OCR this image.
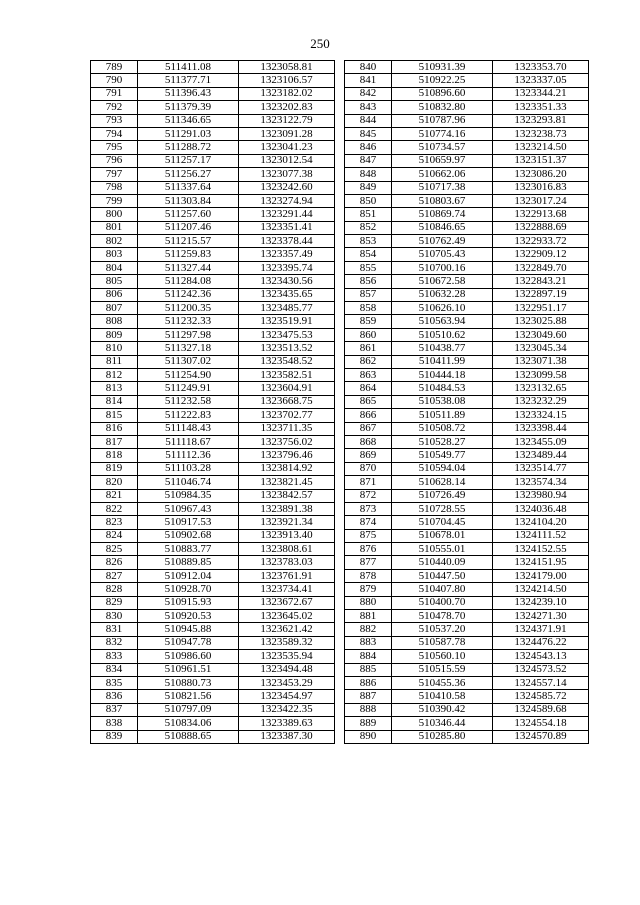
250
789	511411.08	1323058.81
790	511377.71	1323106.57
791	511396.43	1323182.02
792	511379.39	1323202.83
793	511346.65	1323122.79
794	511291.03	1323091.28
795	511288.72	1323041.23
796	511257.17	1323012.54
797	511256.27	1323077.38
798	511337.64	1323242.60
799	511303.84	1323274.94
800	511257.60	1323291.44
801	511207.46	1323351.41
802	511215.57	1323378.44
803	511259.83	1323357.49
804	511327.44	1323395.74
805	511284.08	1323430.56
806	511242.36	1323435.65
807	511200.35	1323485.77
808	511232.33	1323519.91
809	511297.98	1323475.53
810	511327.18	1323513.52
811	511307.02	1323548.52
812	511254.90	1323582.51
813	511249.91	1323604.91
814	511232.58	1323668.75
815	511222.83	1323702.77
816	511148.43	1323711.35
817	511118.67	1323756.02
818	511112.36	1323796.46
819	511103.28	1323814.92
820	511046.74	1323821.45
821	510984.35	1323842.57
822	510967.43	1323891.38
823	510917.53	1323921.34
824	510902.68	1323913.40
825	510883.77	1323808.61
826	510889.85	1323783.03
827	510912.04	1323761.91
828	510928.70	1323734.41
829	510915.93	1323672.67
830	510920.53	1323645.02
831	510945.88	1323621.42
832	510947.78	1323589.32
833	510986.60	1323535.94
834	510961.51	1323494.48
835	510880.73	1323453.29
836	510821.56	1323454.97
837	510797.09	1323422.35
838	510834.06	1323389.63
839	510888.65	1323387.30
840	510931.39	1323353.70
841	510922.25	1323337.05
842	510896.60	1323344.21
843	510832.80	1323351.33
844	510787.96	1323293.81
845	510774.16	1323238.73
846	510734.57	1323214.50
847	510659.97	1323151.37
848	510662.06	1323086.20
849	510717.38	1323016.83
850	510803.67	1323017.24
851	510869.74	1322913.68
852	510846.65	1322888.69
853	510762.49	1322933.72
854	510705.43	1322909.12
855	510700.16	1322849.70
856	510672.58	1322843.21
857	510632.28	1322897.19
858	510626.10	1322951.17
859	510563.94	1323025.88
860	510510.62	1323049.60
861	510438.77	1323045.34
862	510411.99	1323071.38
863	510444.18	1323099.58
864	510484.53	1323132.65
865	510538.08	1323232.29
866	510511.89	1323324.15
867	510508.72	1323398.44
868	510528.27	1323455.09
869	510549.77	1323489.44
870	510594.04	1323514.77
871	510628.14	1323574.34
872	510726.49	1323980.94
873	510728.55	1324036.48
874	510704.45	1324104.20
875	510678.01	1324111.52
876	510555.01	1324152.55
877	510440.09	1324151.95
878	510447.50	1324179.00
879	510407.80	1324214.50
880	510400.70	1324239.10
881	510478.70	1324271.30
882	510537.20	1324371.91
883	510587.78	1324476.22
884	510560.10	1324543.13
885	510515.59	1324573.52
886	510455.36	1324557.14
887	510410.58	1324585.72
888	510390.42	1324589.68
889	510346.44	1324554.18
890	510285.80	1324570.89
